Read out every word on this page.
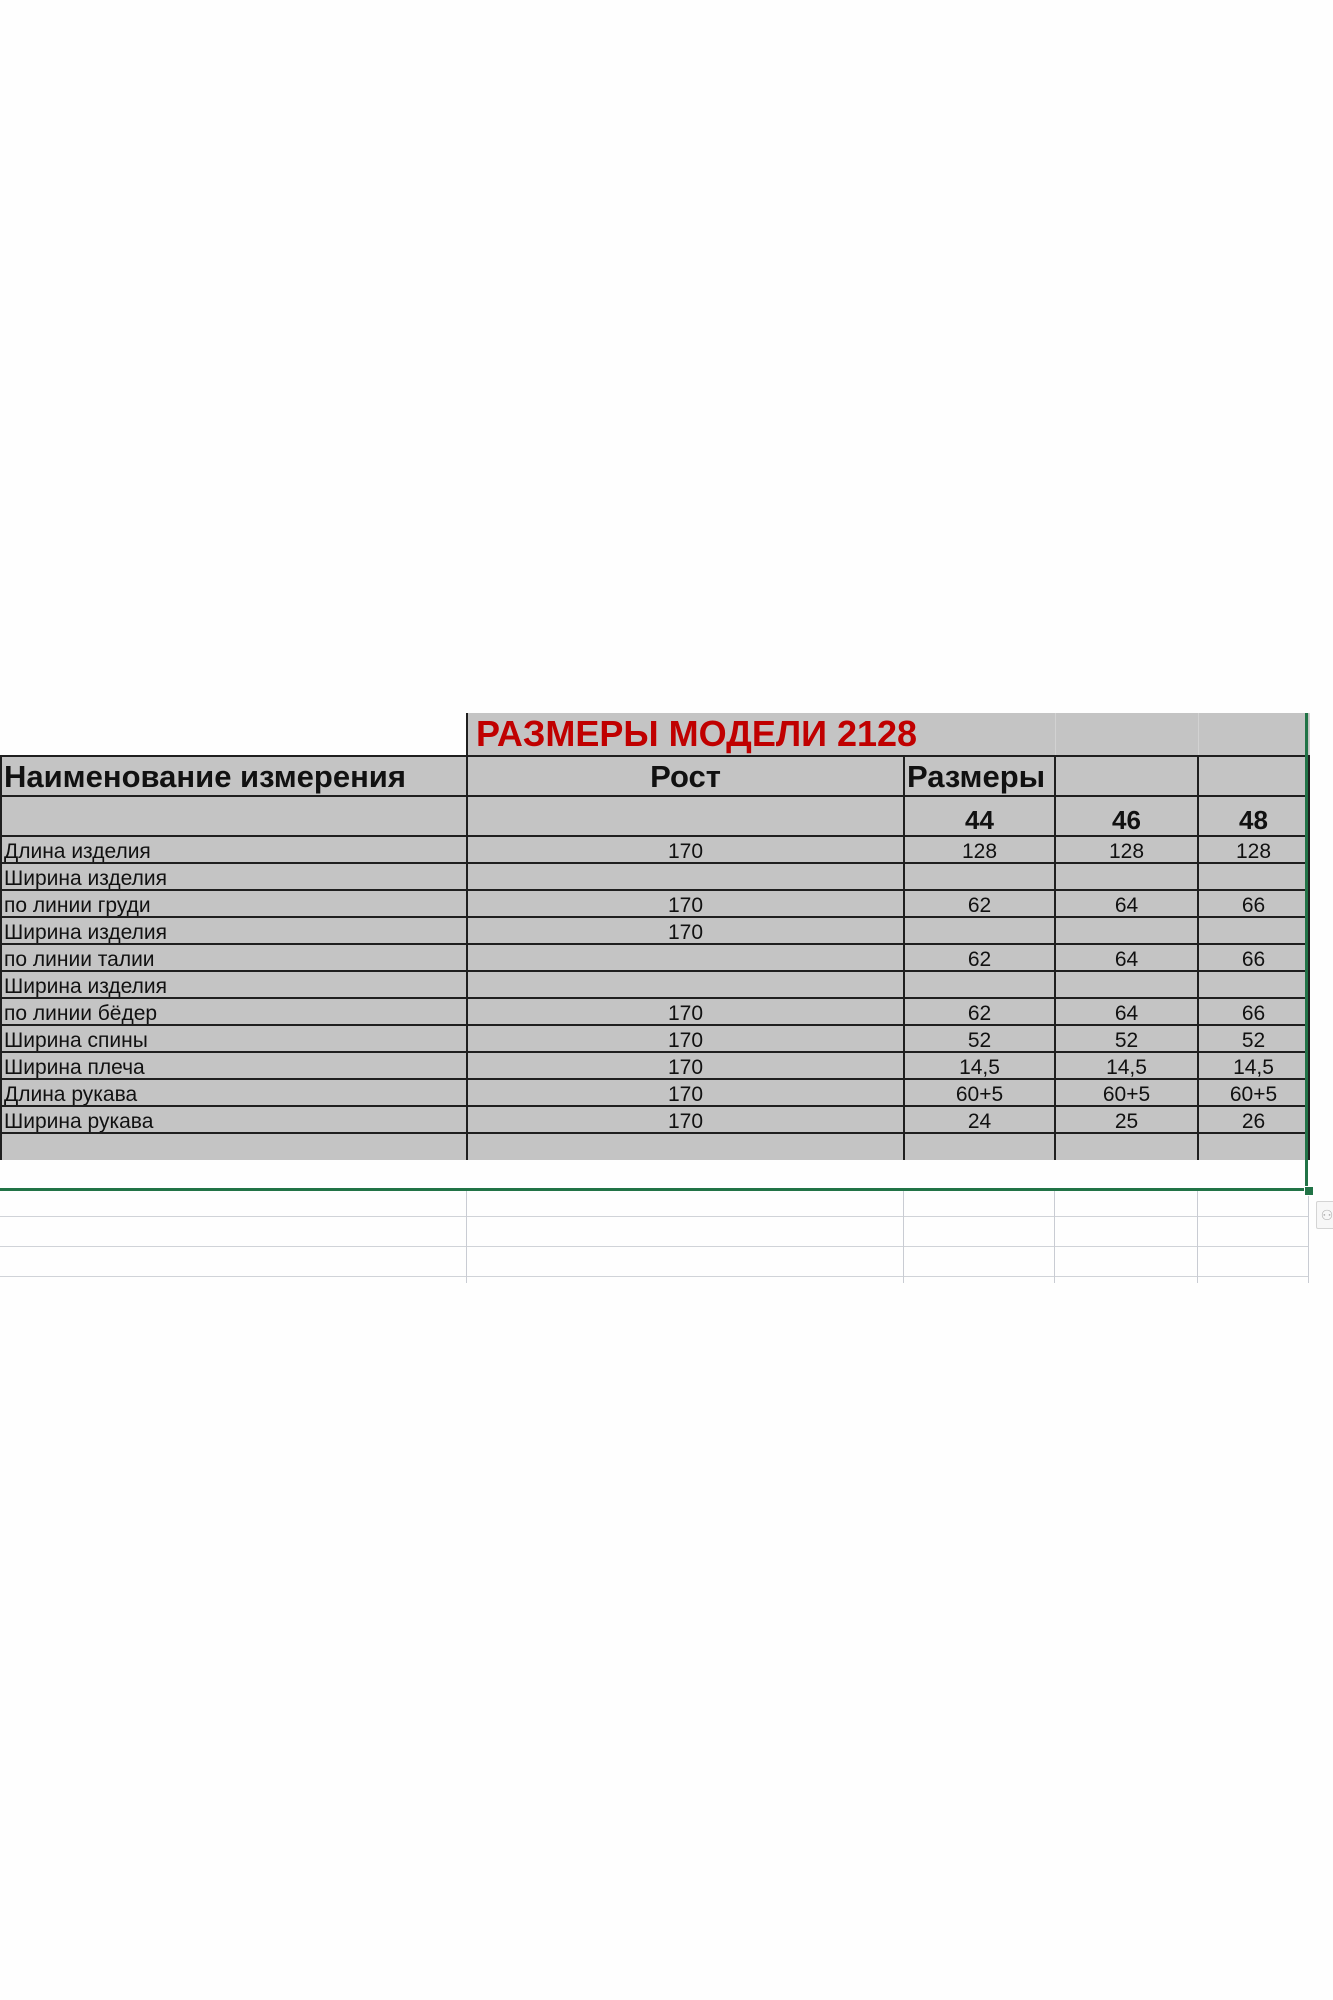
	РАЗМЕРЫ МОДЕЛИ 2128			
Наименование измерения	Рост	Размеры		
		44	46	48
Длина изделия	170	128	128	128
Ширина изделия				
по линии груди	170	62	64	66
Ширина изделия	170			
по линии талии		62	64	66
Ширина изделия				
по линии бёдер	170	62	64	66
Ширина спины	170	52	52	52
Ширина плеча	170	14,5	14,5	14,5
Длина рукава	170	60+5	60+5	60+5
Ширина рукава	170	24	25	26

⚇
